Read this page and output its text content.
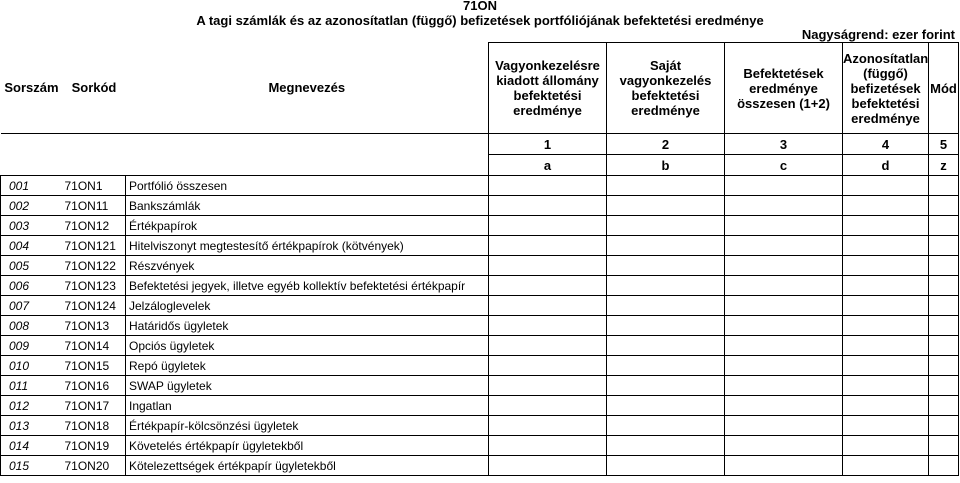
71ON
A tagi számlák és az azonosítatlan (függő) befizetések portfóliójának befektetési eredménye
Nagyságrend: ezer forint
Sorszám	Sorkód	Megnevezés	Vagyonkezelésre kiadott állomány befektetési eredménye	Saját vagyonkezelés befektetési eredménye	Befektetések eredménye összesen (1+2)	Azonosítatlan (függő) befizetések befektetési eredménye	Mód
			1	2	3	4	5
			a	b	c	d	z
001	71ON1	Portfólió összesen					
002	71ON11	Bankszámlák					
003	71ON12	Értékpapírok					
004	71ON121	Hitelviszonyt megtestesítő értékpapírok (kötvények)					
005	71ON122	Részvények					
006	71ON123	Befektetési jegyek, illetve egyéb kollektív befektetési értékpapír					
007	71ON124	Jelzáloglevelek					
008	71ON13	Határidős ügyletek					
009	71ON14	Opciós ügyletek					
010	71ON15	Repó ügyletek					
011	71ON16	SWAP ügyletek					
012	71ON17	Ingatlan					
013	71ON18	Értékpapír-kölcsönzési ügyletek					
014	71ON19	Követelés értékpapír ügyletekből					
015	71ON20	Kötelezettségek értékpapír ügyletekből					
